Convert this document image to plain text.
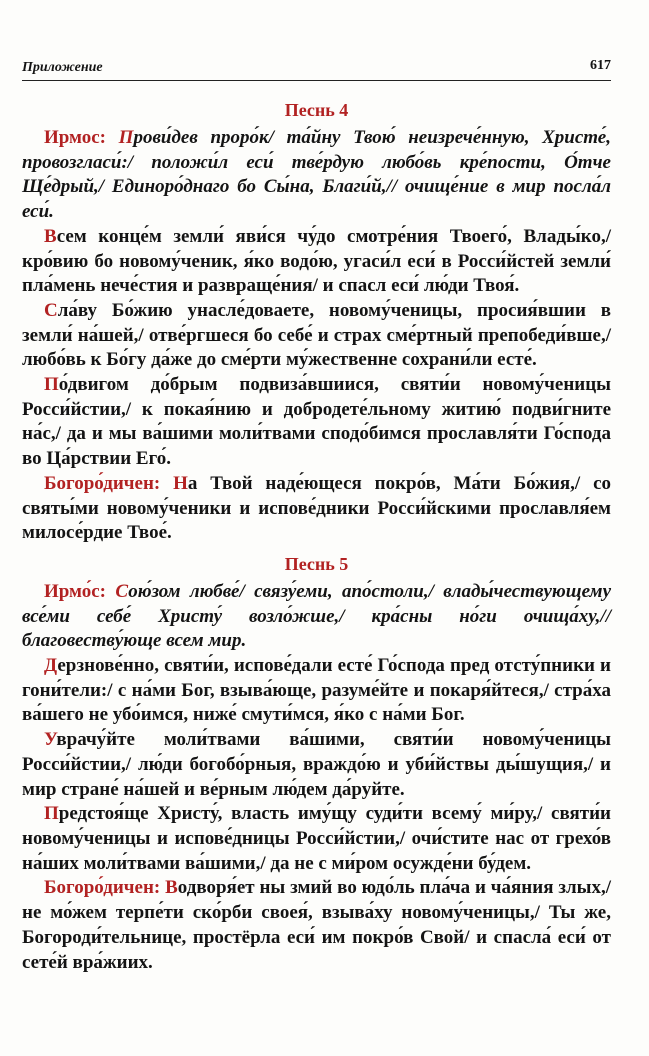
Приложение	617
Песнь 4

Ирмос: Прови́дев проро́к/ та́йну Твою́ неизрече́нную, Христе́, провозгласи́:/ положи́л еси́ тве́рдую любо́вь кре́пости, О́тче Ще́дрый,/ Единоро́днаго бо Сы́на, Благи́й,// очище́ние в мир посла́л еси́.

Всем конце́м земли́ яви́ся чу́до смотре́ния Твоего́, Влады́ко,/ кро́вию бо новому́ченик, я́ко водо́ю, угаси́л еси́ в Росси́йстей земли́ пла́мень нече́стия и развраще́ния/ и спасл еси́ лю́ди Твоя́.

Сла́ву Бо́жию унасле́доваете, новому́ченицы, просия́вшии в земли́ на́шей,/ отве́ргшеся бо себе́ и страх сме́ртный препобеди́вше,/ любо́вь к Бо́гу да́же до сме́рти му́жественне сохрани́ли есте́.

По́двигом до́брым подвиза́вшиися, святи́и новому́ченицы Росси́йстии,/ к покая́нию и добродете́льному житию́ подви́гните на́с,/ да и мы ва́шими моли́твами сподо́бимся прославля́ти Го́спода во Ца́рствии Его́.

Богоро́дичен: На Твой наде́ющеся покро́в, Ма́ти Бо́жия,/ со святы́ми новому́ченики и испове́дники Росси́йскими прославля́ем милосе́рдие Твое́.

Песнь 5

Ирмо́с: Сою́зом любве́/ связу́еми, апо́столи,/ влады́чествующему все́ми себе́ Христу́ возло́жше,/ кра́сны но́ги очища́ху,// благовеству́юще всем мир.

Дерзнове́нно, святи́и, испове́дали есте́ Го́спода пред отсту́пники и гони́тели:/ с на́ми Бог, взыва́юще, разуме́йте и покаря́йтеся,/ стра́ха ва́шего не убо́имся, ниже́ смути́мся, я́ко с на́ми Бог.

Уврачу́йте моли́твами ва́шими, святи́и новому́ченицы Росси́йстии,/ лю́ди богобо́рныя, враждо́ю и уби́йствы ды́шущия,/ и мир стране́ на́шей и ве́рным лю́дем да́руйте.

Предстоя́ще Христу́, власть иму́щу суди́ти всему́ ми́ру,/ святи́и новому́ченицы и испове́дницы Росси́йстии,/ очи́стите нас от грехо́в на́ших моли́твами ва́шими,/ да не с ми́ром осужде́ни бу́дем.

Богоро́дичен: Водворя́ет ны змий во юдо́ль пла́ча и ча́яния злых,/ не мо́жем терпе́ти ско́рби своея́, взыва́ху новому́ченицы,/ Ты же, Богороди́тельнице, простёрла еси́ им покро́в Свой/ и спасла́ еси́ от сете́й вра́жиих.
